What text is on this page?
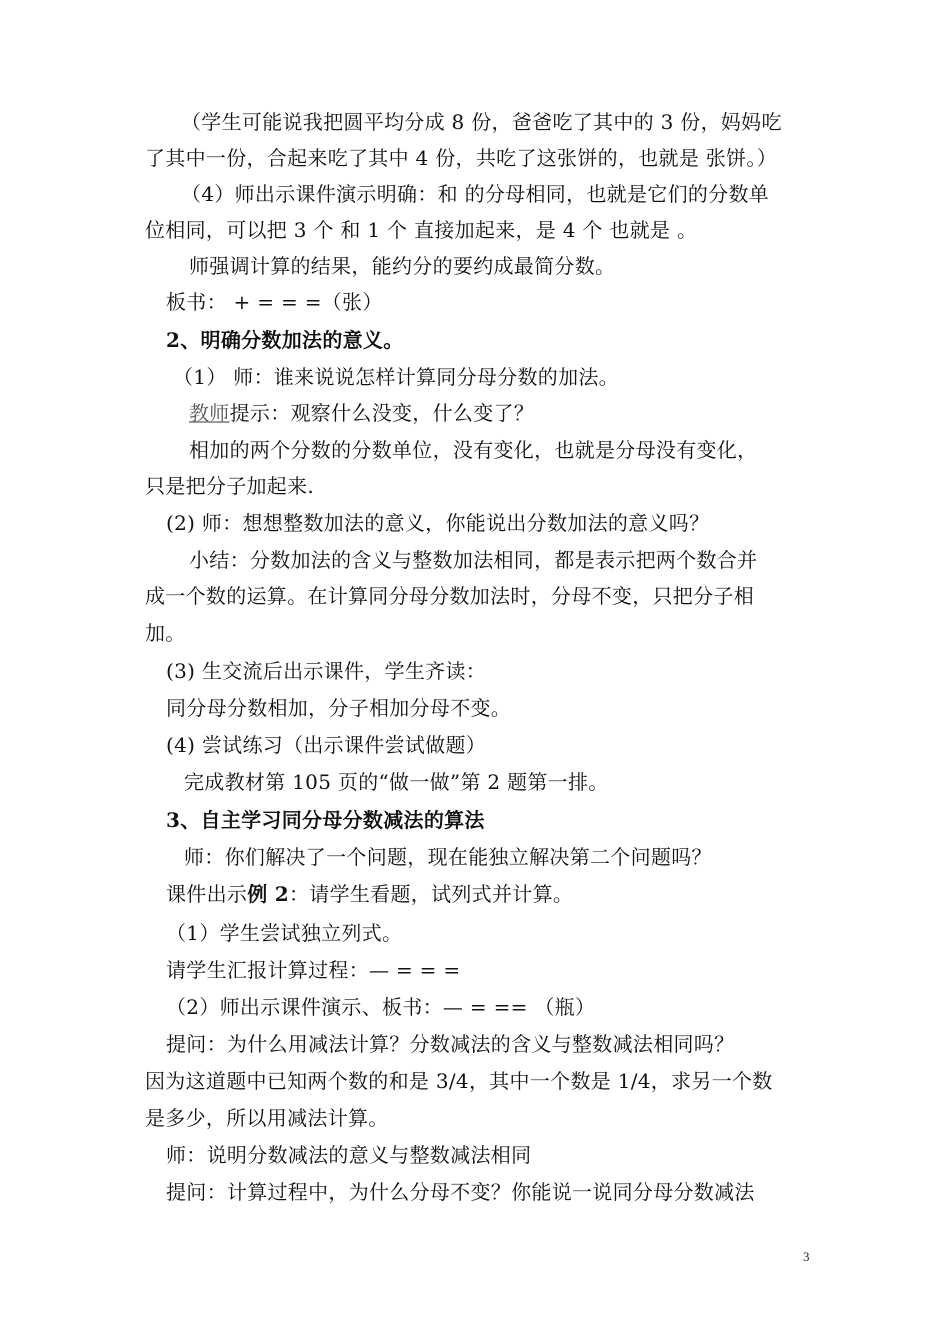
（学生可能说我把圆平均分成 8 份，爸爸吃了其中的 3 份，妈妈吃
了其中一份，合起来吃了其中 4 份，共吃了这张饼的，也就是 张饼。）
（4）师出示课件演示明确：和 的分母相同，也就是它们的分数单
位相同，可以把 3 个 和 1 个 直接加起来，是 4 个 也就是 。
师强调计算的结果，能约分的要约成最简分数。
板书： + = = =（张）
2、明确分数加法的意义。
（1） 师：谁来说说怎样计算同分母分数的加法。
教师提示：观察什么没变，什么变了？
相加的两个分数的分数单位，没有变化，也就是分母没有变化，
只是把分子加起来.
(2) 师：想想整数加法的意义，你能说出分数加法的意义吗？
小结：分数加法的含义与整数加法相同，都是表示把两个数合并
成一个数的运算。在计算同分母分数加法时，分母不变，只把分子相
加。
(3) 生交流后出示课件，学生齐读：
同分母分数相加，分子相加分母不变。
(4) 尝试练习（出示课件尝试做题）
完成教材第 105 页的“做一做”第 2 题第一排。
3、自主学习同分母分数减法的算法
师：你们解决了一个问题，现在能独立解决第二个问题吗？
课件出示例 2：请学生看题，试列式并计算。
（1）学生尝试独立列式。
请学生汇报计算过程：— = = =
（2）师出示课件演示、板书：— = == （瓶）
提问：为什么用减法计算？分数减法的含义与整数减法相同吗？
因为这道题中已知两个数的和是 3/4，其中一个数是 1/4，求另一个数
是多少，所以用减法计算。
师：说明分数减法的意义与整数减法相同
提问：计算过程中，为什么分母不变？你能说一说同分母分数减法
3
